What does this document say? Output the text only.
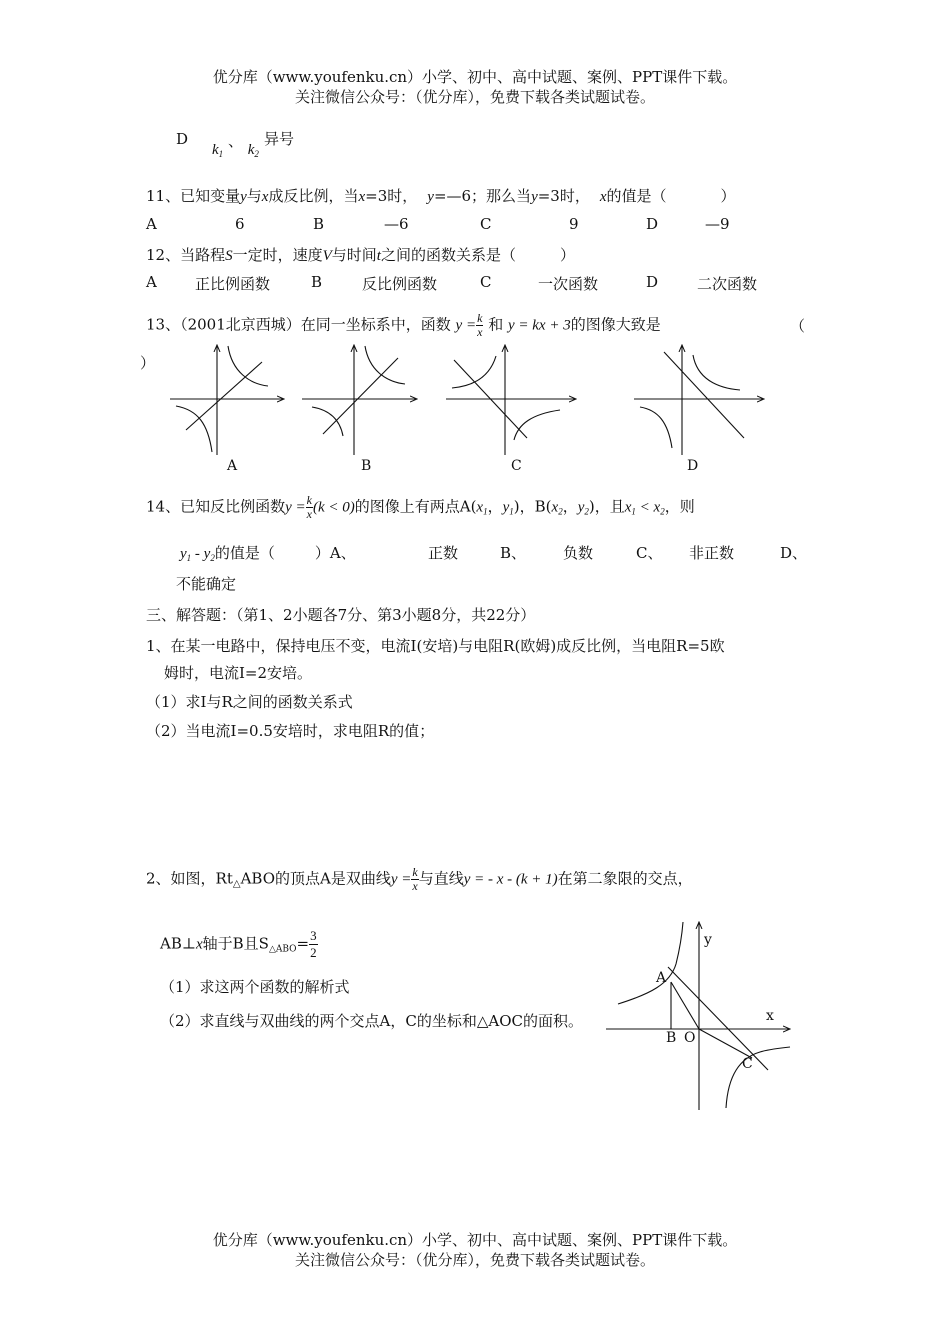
优分库（www.youfenku.cn）小学、初中、高中试题、案例、PPT课件下载。
关注微信公众号：（优分库），免费下载各类试题试卷。
D
$k_1$ 、 $k_2$
异号
11、已知变量y与x成反比例，当x=3时， y=—6；那么当y=3时， x的值是（	）
A	6	B	—6	C	9	D	—9
12、当路程S一定时，速度V与时间t之间的函数关系是（	）
A	正比例函数	B	反比例函数	C	一次函数	D	二次函数
13、（2001北京西城）在同一坐标系中，函数 $y = \frac{k}{x}$ 和 y = kx + 3的图像大致是	（
）
A	B	C	D
14、已知反比例函数$y = \frac{k}{x} (k < 0)$的图像上有两点$A(x_1$，$y_1$)，$B(x_2$，$y_2$)，且$x_1 < x_2$，则
$y_1 - y_2$的值是（	）A、	正数	B、 负数	C、 非正数	D、
不能确定
三、解答题：（第1、2小题各7分、第3小题8分，共22分）
1、在某一电路中，保持电压不变，电流I(安培)与电阻R(欧姆)成反比例，当电阻R=5欧
姆时，电流I=2安培。
（1）求I与R之间的函数关系式
（2）当电流I=0.5安培时，求电阻R的值；
2、如图，$Rt_\triangle ABO$的顶点A是双曲线$y = \frac{k}{x}$ 与直线y = - x - (k + 1)在第二象限的交点，
AB⊥x轴于B且$S_{\triangle ABO}= \frac{3}{2}$
（1）求这两个函数的解析式
（2）求直线与双曲线的两个交点A，C的坐标和△AOC的面积。
y
x
A
B O
C
优分库（www.youfenku.cn）小学、初中、高中试题、案例、PPT课件下载。
关注微信公众号：（优分库），免费下载各类试题试卷。
